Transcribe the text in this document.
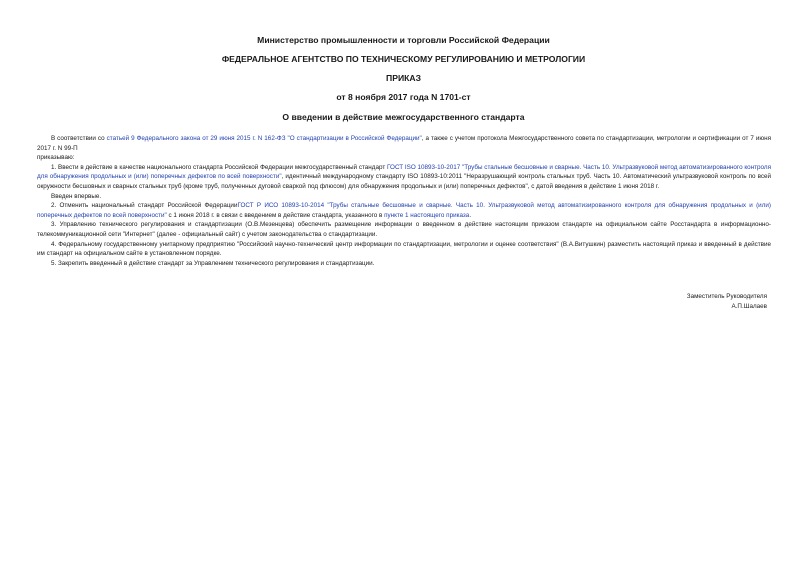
Министерство промышленности и торговли Российской Федерации
ФЕДЕРАЛЬНОЕ АГЕНТСТВО ПО ТЕХНИЧЕСКОМУ РЕГУЛИРОВАНИЮ И МЕТРОЛОГИИ
ПРИКАЗ
от 8 ноября 2017 года N 1701-ст
О введении в действие межгосударственного стандарта

В соответствии со статьей 9 Федерального закона от 29 июня 2015 г. N 162-ФЗ "О стандартизации в Российской Федерации", а также с учетом протокола Межгосударственного совета по стандартизации, метрологии и сертификации от 7 июня 2017 г. N 99-П

приказываю:

1. Ввести в действие в качестве национального стандарта Российской Федерации межгосударственный стандарт ГОСТ ISO 10893-10-2017 "Трубы стальные бесшовные и сварные. Часть 10. Ультразвуковой метод автоматизированного контроля для обнаружения продольных и (или) поперечных дефектов по всей поверхности", идентичный международному стандарту ISO 10893-10:2011 "Неразрушающий контроль стальных труб. Часть 10. Автоматический ультразвуковой контроль по всей окружности бесшовных и сварных стальных труб (кроме труб, полученных дуговой сваркой под флюсом) для обнаружения продольных и (или) поперечных дефектов", с датой введения в действие 1 июня 2018 г.

Введен впервые.

2. Отменить национальный стандарт Российской ФедерацииГОСТ Р ИСО 10893-10-2014 "Трубы стальные бесшовные и сварные. Часть 10. Ультразвуковой метод автоматизированного контроля для обнаружения продольных и (или) поперечных дефектов по всей поверхности" с 1 июня 2018 г. в связи с введением в действие стандарта, указанного в пункте 1 настоящего приказа.

3. Управлению технического регулирования и стандартизации (О.В.Мезенцева) обеспечить размещение информации о введенном в действие настоящим приказом стандарте на официальном сайте Росстандарта в информационно-телекоммуникационной сети "Интернет" (далее - официальный сайт) с учетом законодательства о стандартизации.

4. Федеральному государственному унитарному предприятию "Российский научно-технический центр информации по стандартизации, метрологии и оценке соответствия" (В.А.Витушкин) разместить настоящий приказ и введенный в действие им стандарт на официальном сайте в установленном порядке.

5. Закрепить введенный в действие стандарт за Управлением технического регулирования и стандартизации.

Заместитель Руководителя
А.П.Шалаев
